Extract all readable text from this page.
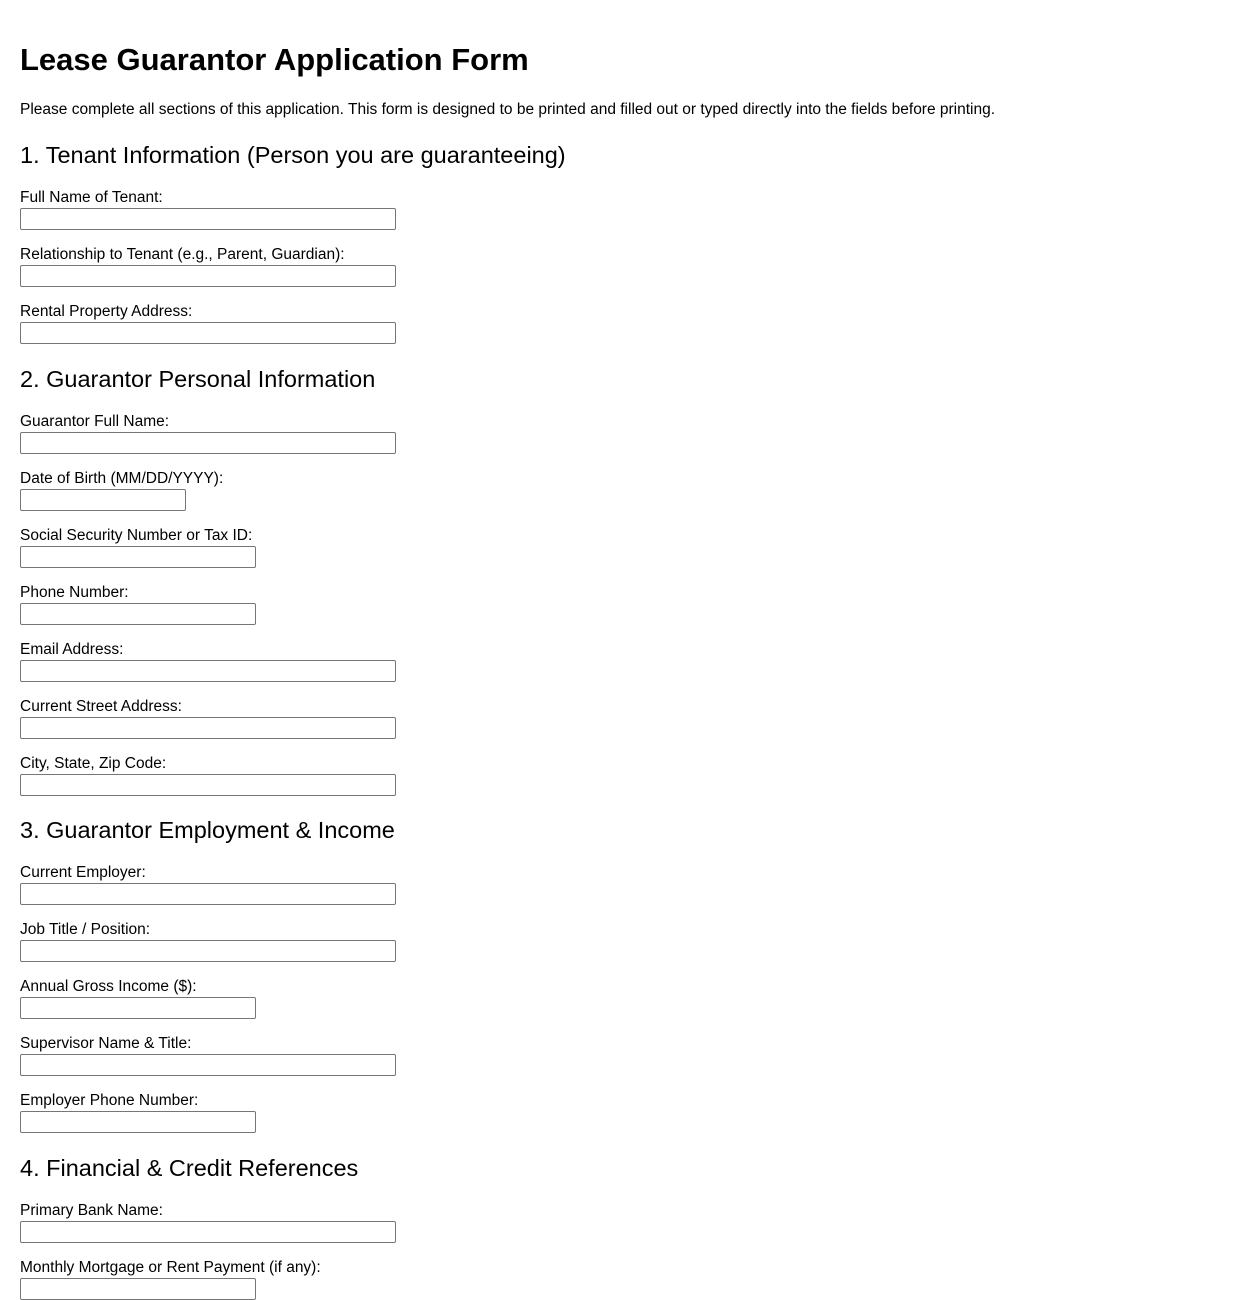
Lease Guarantor Application Form

Please complete all sections of this application. This form is designed to be printed and filled out or typed directly into the fields before printing.

1. Tenant Information (Person you are guaranteeing)
Full Name of Tenant:
Relationship to Tenant (e.g., Parent, Guardian):
Rental Property Address:
2. Guarantor Personal Information
Guarantor Full Name:
Date of Birth (MM/DD/YYYY):
Social Security Number or Tax ID:
Phone Number:
Email Address:
Current Street Address:
City, State, Zip Code:
3. Guarantor Employment & Income
Current Employer:
Job Title / Position:
Annual Gross Income ($):
Supervisor Name & Title:
Employer Phone Number:
4. Financial & Credit References
Primary Bank Name:
Monthly Mortgage or Rent Payment (if any):
